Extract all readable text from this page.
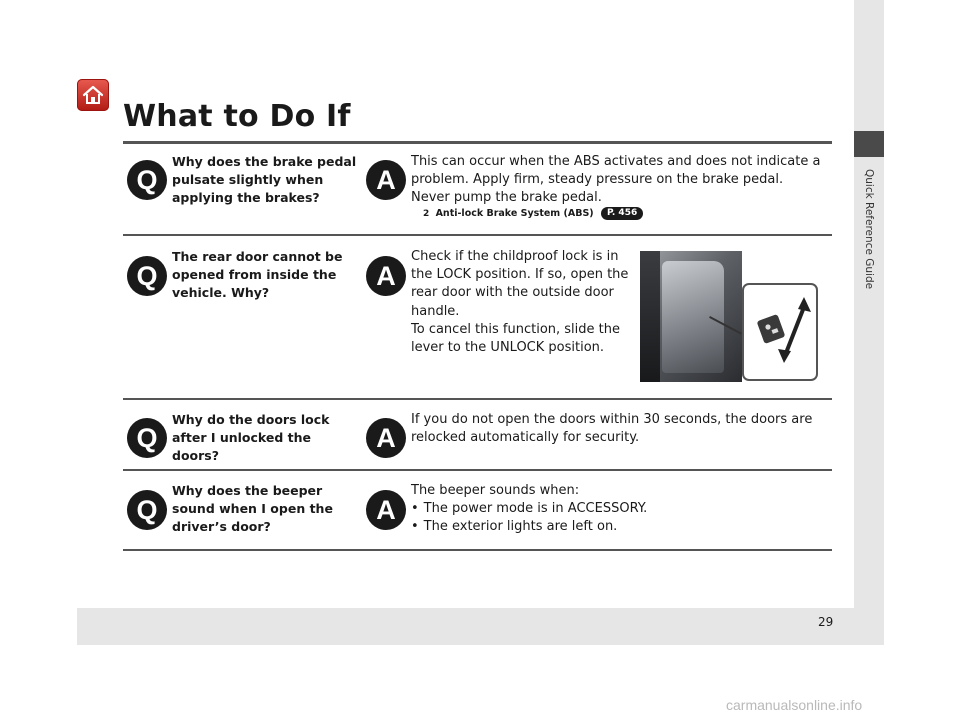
Quick Reference Guide
What to Do If
Q
Why does the brake pedal pulsate slightly when applying the brakes?
A
This can occur when the ABS activates and does not indicate a problem. Apply firm, steady pressure on the brake pedal. Never pump the brake pedal.
2 Anti-lock Brake System (ABS) P. 456
Q
The rear door cannot be opened from inside the vehicle. Why?
A
Check if the childproof lock is in the LOCK position. If so, open the rear door with the outside door handle.
To cancel this function, slide the lever to the UNLOCK position.
Q
Why do the doors lock after I unlocked the doors?
A
If you do not open the doors within 30 seconds, the doors are relocked automatically for security.
Q
Why does the beeper sound when I open the driver’s door?
A
The beeper sounds when:
• The power mode is in ACCESSORY.
• The exterior lights are left on.
29
carmanualsonline.info
